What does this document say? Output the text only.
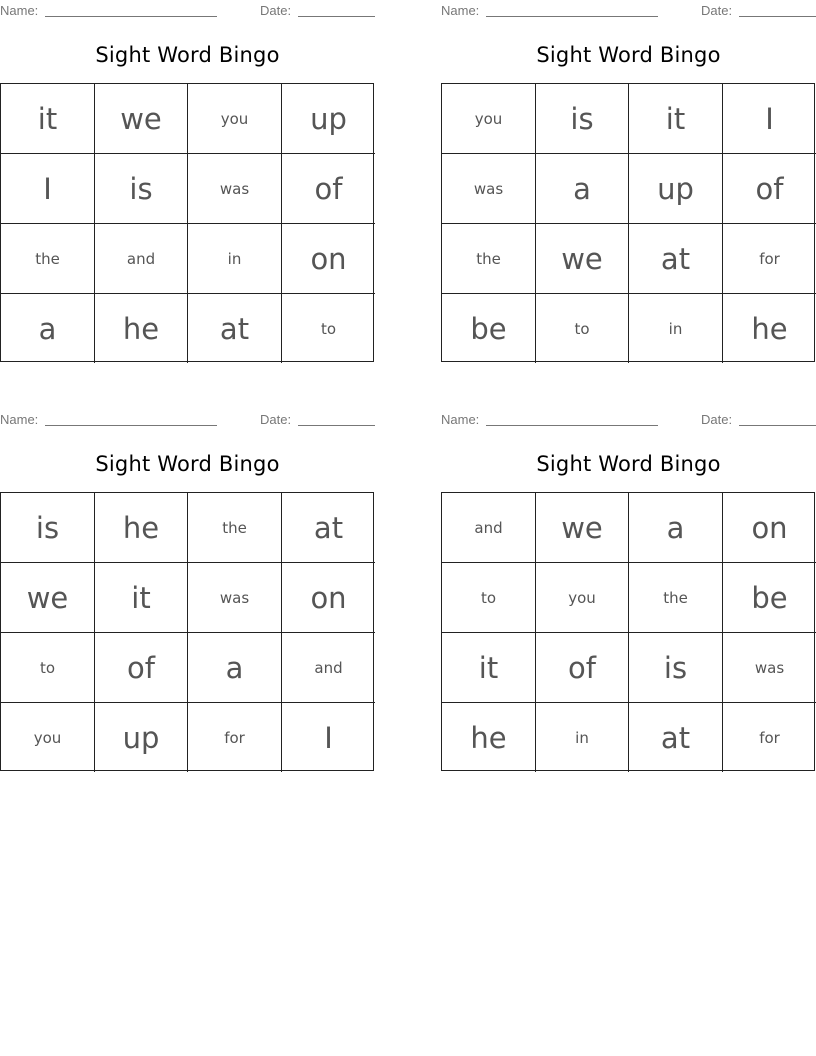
Name:	Date:
Sight Word Bingo
it	we	you	up
I	is	was	of
the	and	in	on
a	he	at	to
Name:	Date:
Sight Word Bingo
you	is	it	I
was	a	up	of
the	we	at	for
be	to	in	he
Name:	Date:
Sight Word Bingo
is	he	the	at
we	it	was	on
to	of	a	and
you	up	for	I
Name:	Date:
Sight Word Bingo
and	we	a	on
to	you	the	be
it	of	is	was
he	in	at	for
